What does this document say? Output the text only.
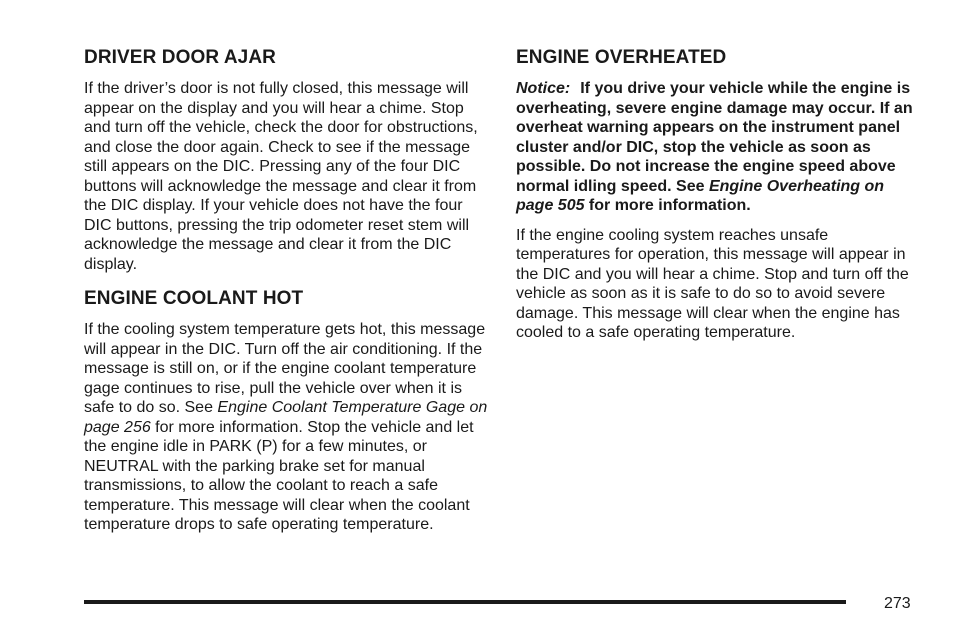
DRIVER DOOR AJAR

If the driver’s door is not fully closed, this message will appear on the display and you will hear a chime. Stop and turn off the vehicle, check the door for obstructions, and close the door again. Check to see if the message still appears on the DIC. Pressing any of the four DIC buttons will acknowledge the message and clear it from the DIC display. If your vehicle does not have the four DIC buttons, pressing the trip odometer reset stem will acknowledge the message and clear it from the DIC display.

ENGINE COOLANT HOT

If the cooling system temperature gets hot, this message will appear in the DIC. Turn off the air conditioning. If the message is still on, or if the engine coolant temperature gage continues to rise, pull the vehicle over when it is safe to do so. See Engine Coolant Temperature Gage on page 256 for more information. Stop the vehicle and let the engine idle in PARK (P) for a few minutes, or NEUTRAL with the parking brake set for manual transmissions, to allow the coolant to reach a safe temperature. This message will clear when the coolant temperature drops to safe operating temperature.

ENGINE OVERHEATED

Notice: If you drive your vehicle while the engine is overheating, severe engine damage may occur. If an overheat warning appears on the instrument panel cluster and/or DIC, stop the vehicle as soon as possible. Do not increase the engine speed above normal idling speed. See Engine Overheating on page 505 for more information.

If the engine cooling system reaches unsafe temperatures for operation, this message will appear in the DIC and you will hear a chime. Stop and turn off the vehicle as soon as it is safe to do so to avoid severe damage. This message will clear when the engine has cooled to a safe operating temperature.

273
